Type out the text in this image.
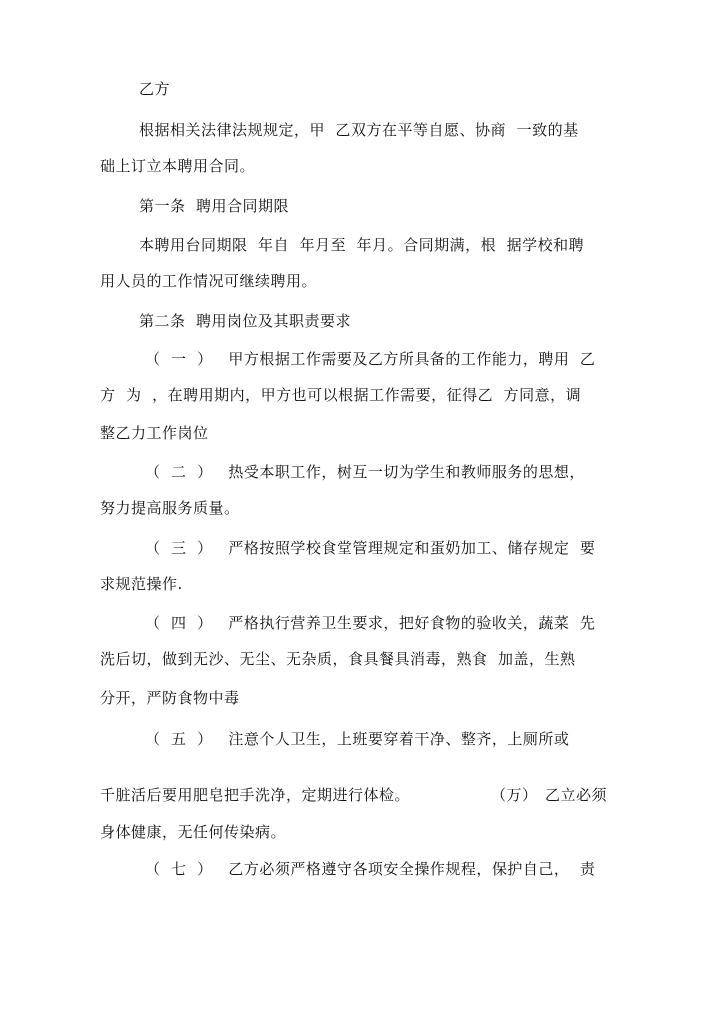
乙方
根据相关法律法规规定，甲  乙双方在平等自愿、协商  一致的基
础上订立本聘用合同。
第一条  聘用合同期限
本聘用台同期限  年自  年月至  年月。合同期满，根  据学校和聘
用人员的工作情况可继续聘用。
第二条  聘用岗位及其职责要求
（  一  ）   甲方根据工作需要及乙方所具备的工作能力，聘用  乙
方  为  ，在聘用期内，甲方也可以根据工作需要，征得乙  方同意，调
整乙力工作岗位
（  二  ）   热受本职工作，树互一切为学生和教师服务的思想，
努力提高服务质量。
（  三  ）   严格按照学校食堂管理规定和蛋奶加工、储存规定  要
求规范操作.
（  四  ）   严格执行营养卫生要求，把好食物的验收关，蔬菜  先
洗后切，做到无沙、无尘、无杂质，食具餐具消毒，熟食  加盖，生熟
分开，严防食物中毒
（  五  ）   注意个人卫生，上班要穿着干净、整齐，上厕所或
千脏活后要用肥皂把手洗净，定期进行体检。	（万） 乙立必须
身体健康，无任何传染病。
（  七  ）   乙方必须严格遵守各项安全操作规程，保护自己，  责
